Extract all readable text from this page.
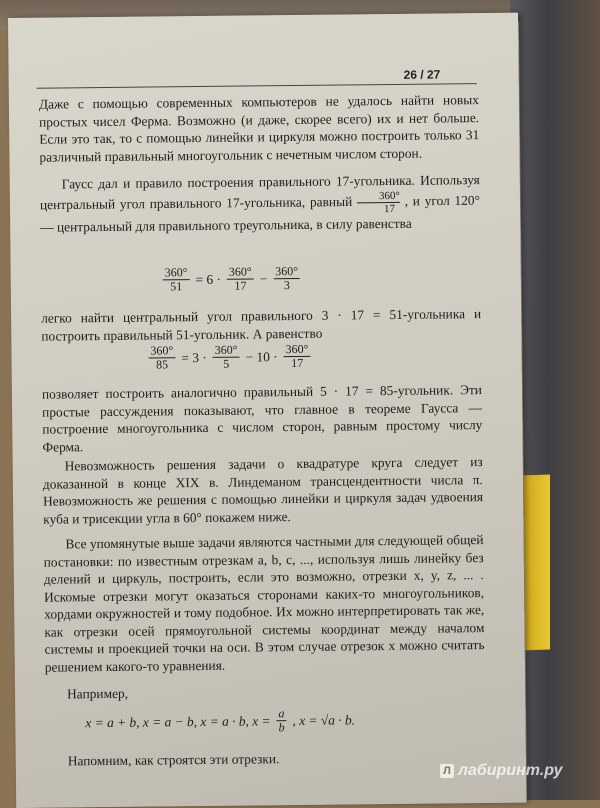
26 / 27

Даже с помощью современных компьютеров не удалось найти новых простых чисел Ферма. Возможно (и даже, скорее всего) их и нет больше. Если это так, то с помощью линейки и циркуля можно построить только 31 различный правильный многоугольник с нечетным числом сторон.

Гаусс дал и правило построения правильного 17-угольника. Используя центральный угол правильного 17-угольника, равный $\frac{360^\circ}{17}$ , и угол 120° — центральный для правильного треугольника, в силу равенства

$\frac{360^\circ}{51} = 6 \cdot \frac{360^\circ}{17} - \frac{360^\circ}{3}$

легко найти центральный угол правильного 3 · 17 = 51-угольника и построить правильный 51-угольник. А равенство

$\frac{360^\circ}{85} = 3 \cdot \frac{360^\circ}{5} - 10 \cdot \frac{360^\circ}{17}$

позволяет построить аналогично правильный 5 · 17 = 85-угольник. Эти простые рассуждения показывают, что главное в теореме Гаусса — построение многоугольника с числом сторон, равным простому числу Ферма.

Невозможность решения задачи о квадратуре круга следует из доказанной в конце XIX в. Линдеманом трансцендентности числа π. Невозможность же решения с помощью линейки и циркуля задач удвоения куба и трисекции угла в 60° покажем ниже.

Все упомянутые выше задачи являются частными для следующей общей постановки: по известным отрезкам a, b, c, ..., используя лишь линейку без делений и циркуль, построить, если это возможно, отрезки x, y, z, ... . Искомые отрезки могут оказаться сторонами каких-то многоугольников, хордами окружностей и тому подобное. Их можно интерпретировать так же, как отрезки осей прямоугольной системы координат между началом системы и проекцией точки на оси. В этом случае отрезок x можно считать решением какого-то уравнения.

Например,

x = a + b, x = a − b, x = a · b, $x = \frac{a}{b}$ , x = √a · b.

Напомним, как строятся эти отрезки.

Л лабиринт.ру
